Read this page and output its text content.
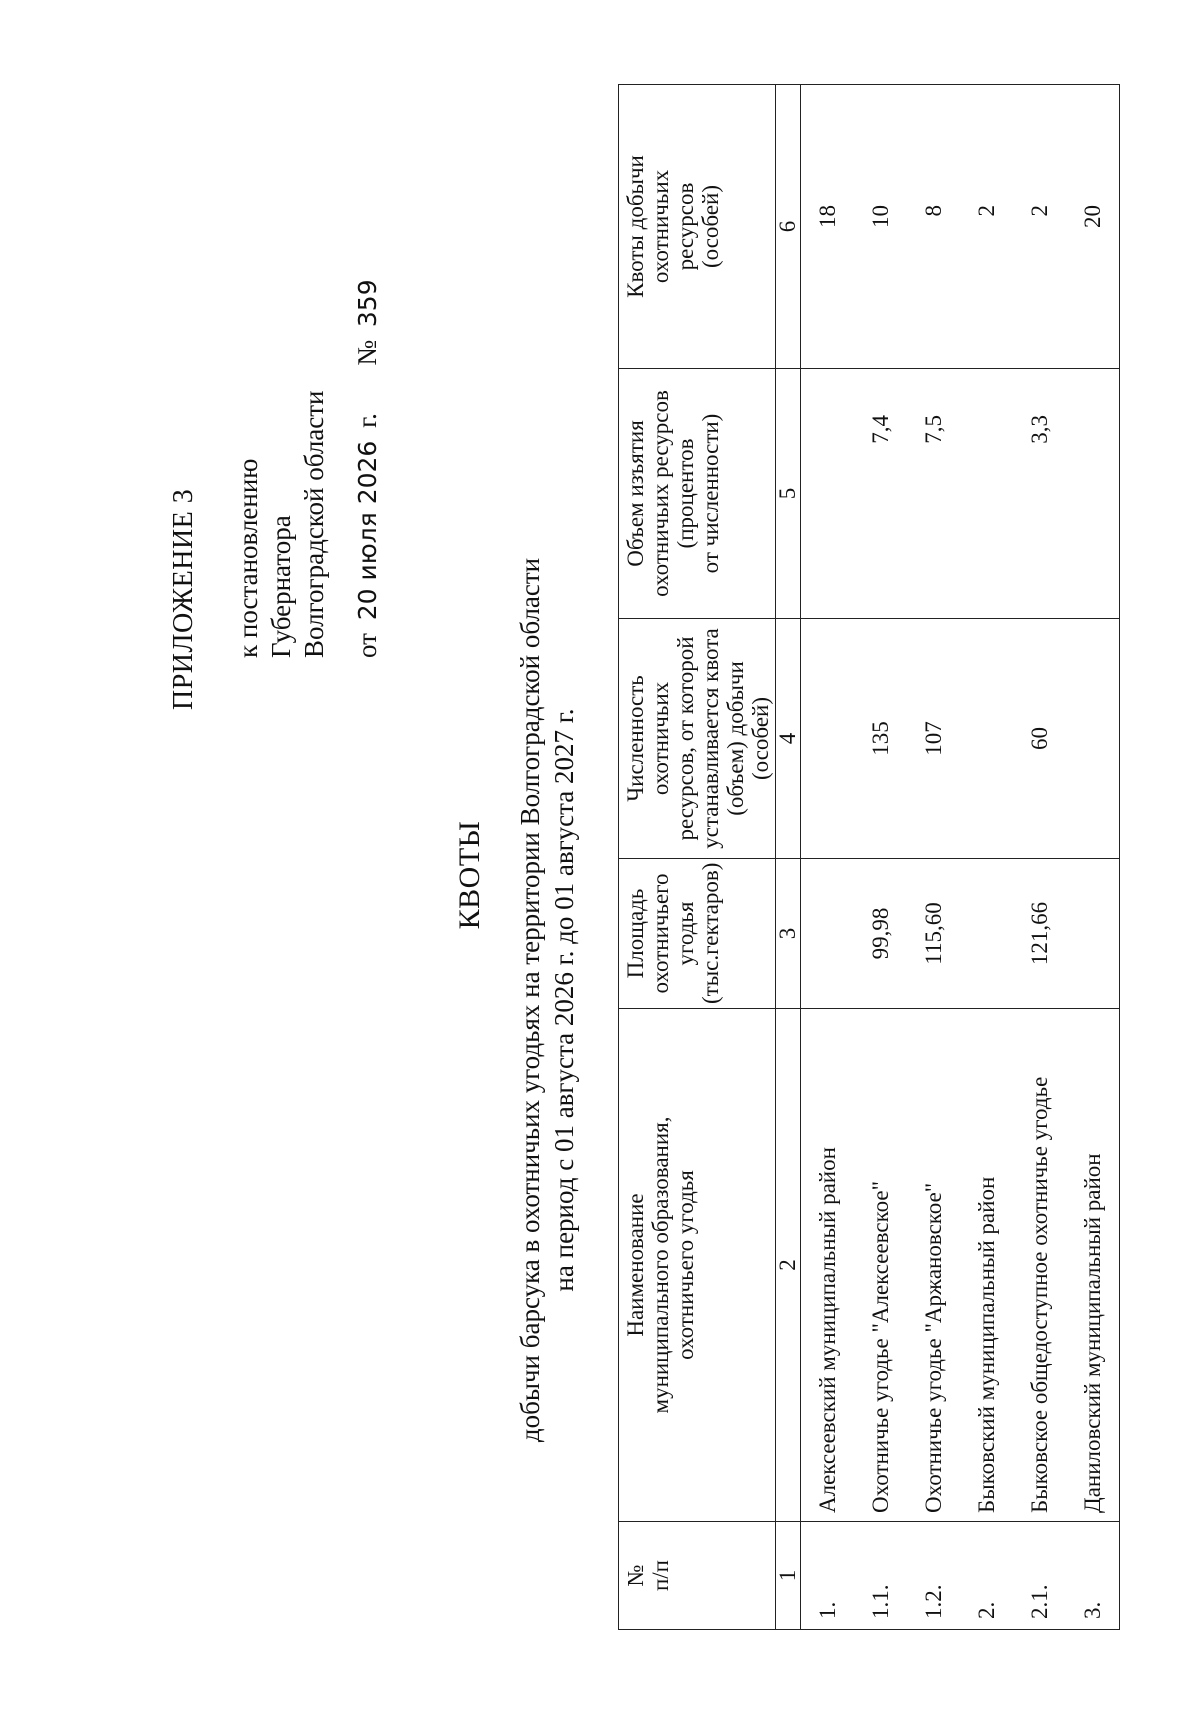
ПРИЛОЖЕНИЕ 3 к постановлению Губернатора Волгоградской области от 20 июля 2026 г.  № 359
КВОТЫ добычи барсука в охотничьих угодьях на территории Волгоградской области на период с 01 августа 2026 г. до 01 августа 2027 г.
№
п/п	Наименование
муниципального образования,
охотничьего угодья	Площадь
охотничьего
угодья
(тыс.гектаров)	Численность охотничьих
ресурсов, от которой
устанавливается квота
(объем) добычи (особей)	Объем изъятия
охотничьих ресурсов
(процентов
от численности)	Квоты добычи
охотничьих
ресурсов
(особей)
1	2	3	4	5	6
1.	Алексеевский муниципальный район				18
1.1.	Охотничье угодье "Алексеевское"	99,98	135	7,4	10
1.2.	Охотничье угодье "Аржановское"	115,60	107	7,5	8
2.	Быковский муниципальный район				2
2.1.	Быковское общедоступное охотничье угодье	121,66	60	3,3	2
3.	Даниловский муниципальный район				20
